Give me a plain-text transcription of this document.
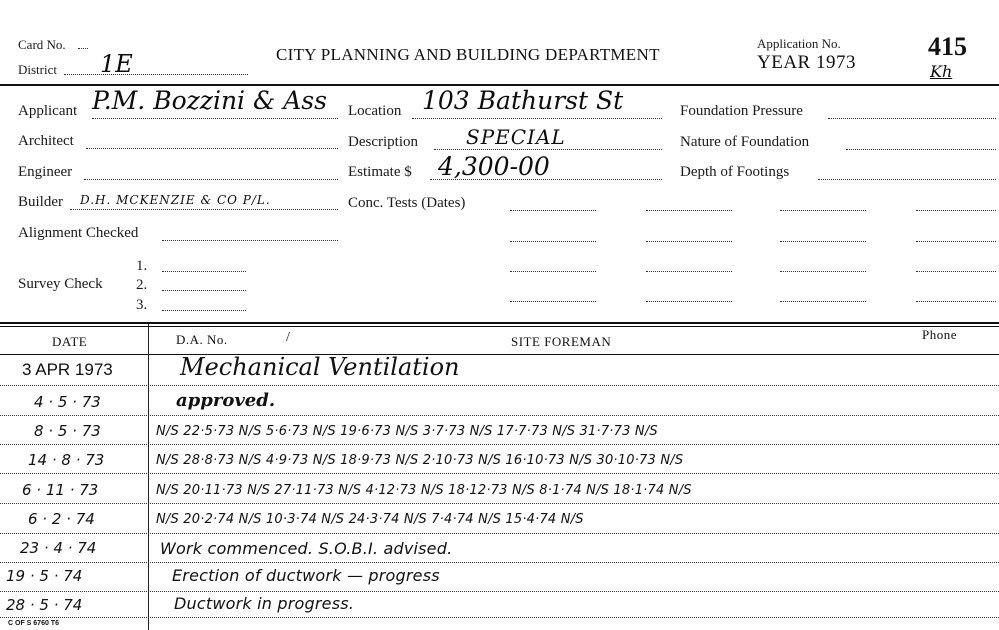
Card No.
District 1E	CITY PLANNING AND BUILDING DEPARTMENT
Application No.
YEAR 1973
415
Kh
Applicant P.M. Bozzini & Ass
Architect
Engineer
Builder D.H. MCKENZIE & CO P/L.
Alignment Checked
Survey Check
1.
2.
3.
Location 103 Bathurst St
Description SPECIAL
Estimate $ 4,300-00
Conc. Tests (Dates)
Foundation Pressure
Nature of Foundation
Depth of Footings
DATE	D.A. No.	/	SITE FOREMAN	Phone
3 APR 1973	Mechanical Ventilation
4 · 5 · 73	approved.
8 · 5 · 73	N/S 22·5·73 N/S 5·6·73 N/S 19·6·73 N/S 3·7·73 N/S 17·7·73 N/S 31·7·73 N/S
14 · 8 · 73	N/S 28·8·73 N/S 4·9·73 N/S 18·9·73 N/S 2·10·73 N/S 16·10·73 N/S 30·10·73 N/S
6 · 11 · 73	N/S 20·11·73 N/S 27·11·73 N/S 4·12·73 N/S 18·12·73 N/S 8·1·74 N/S 18·1·74 N/S
6 · 2 · 74	N/S 20·2·74 N/S 10·3·74 N/S 24·3·74 N/S 7·4·74 N/S 15·4·74 N/S
23 · 4 · 74	Work commenced. S.O.B.I. advised.
19 · 5 · 74	Erection of ductwork — progress
28 · 5 · 74	Ductwork in progress.
C OF S 6760 T6
